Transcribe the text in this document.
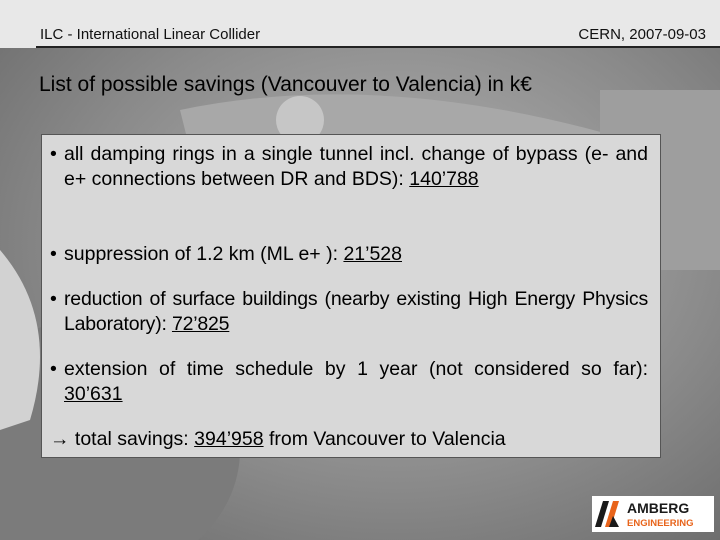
ILC - International Linear Collider	CERN, 2007-09-03
List of possible savings (Vancouver to Valencia) in k€
• all damping rings in a single tunnel incl. change of bypass (e- and e+ connections between DR and BDS): 140’788
• suppression of 1.2 km (ML e+ ): 21’528
• reduction of surface buildings (nearby existing High Energy Physics Laboratory): 72’825
• extension of time schedule by 1 year (not considered so far): 30’631
→ total savings: 394’958 from Vancouver to Valencia
AMBERG
ENGINEERING
